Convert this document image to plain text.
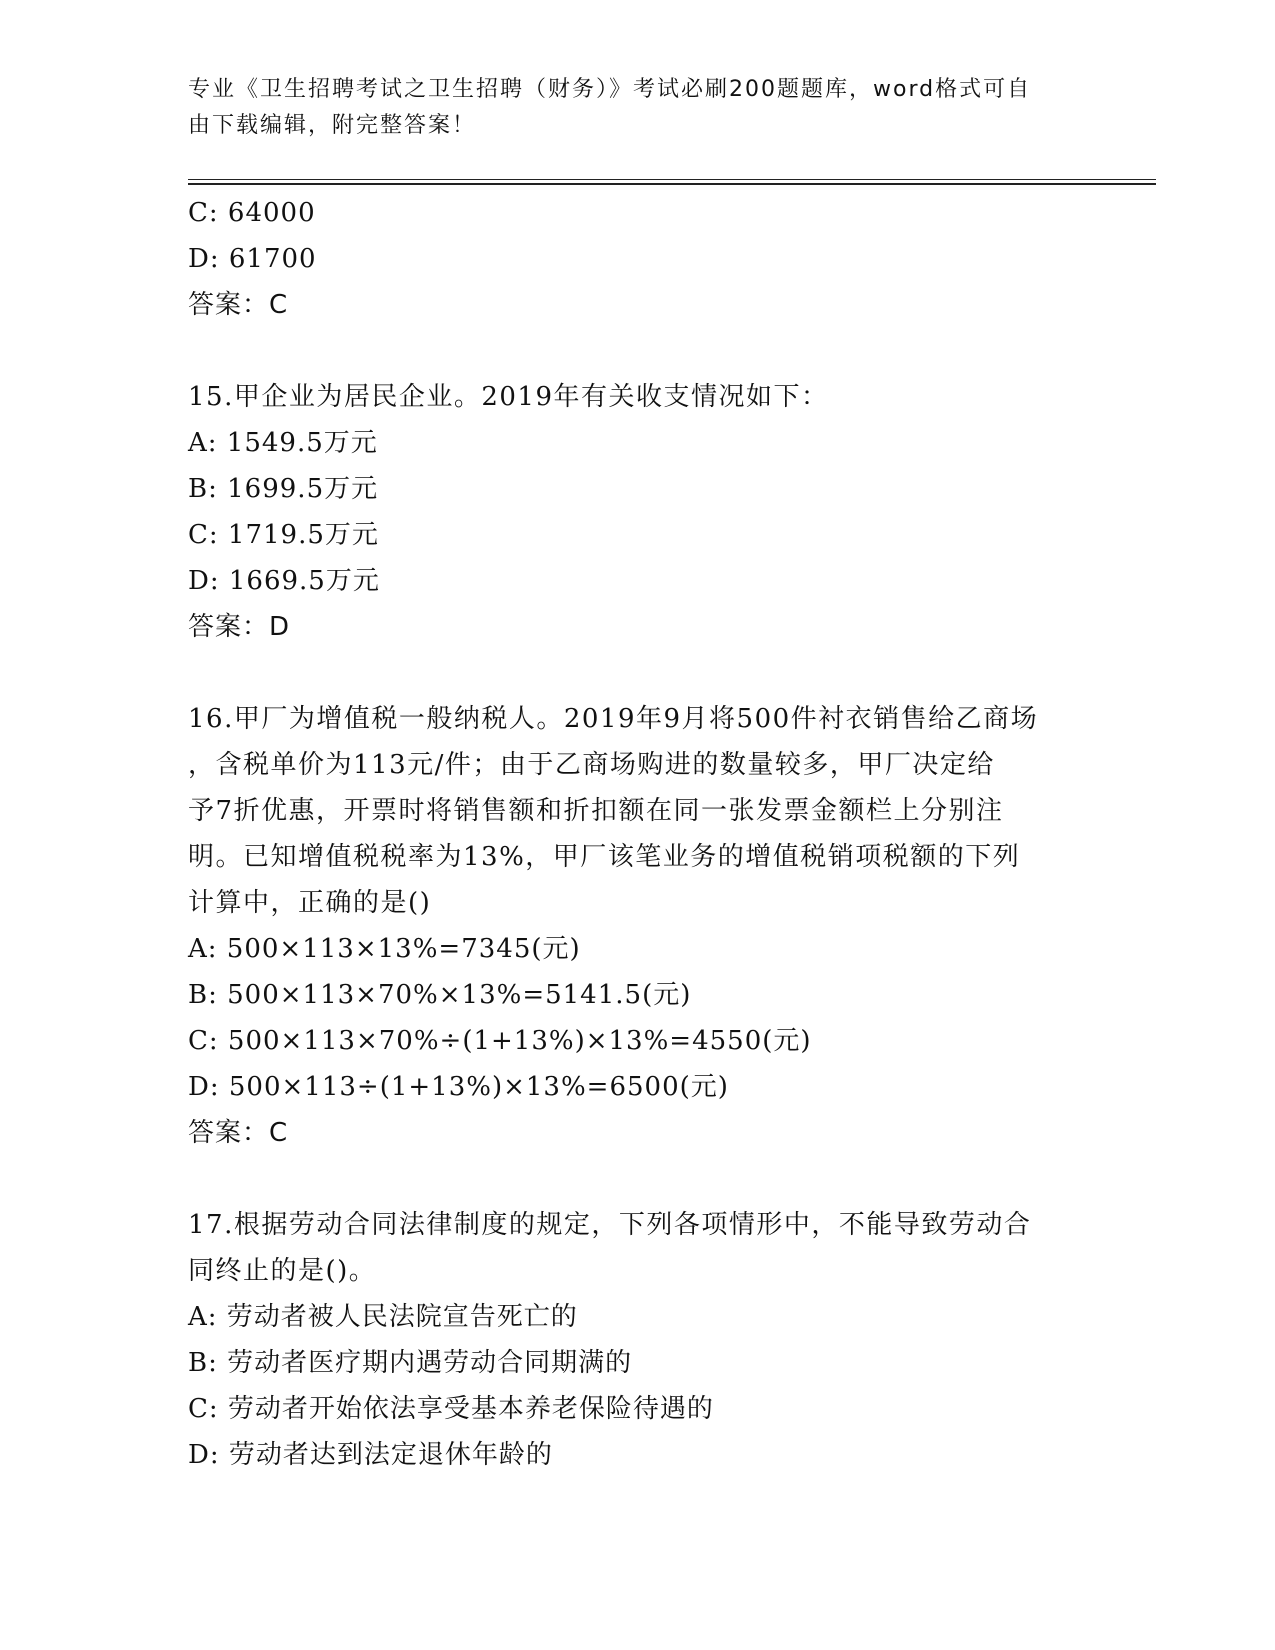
专业《卫生招聘考试之卫生招聘（财务）》考试必刷200题题库，word格式可自
由下载编辑，附完整答案！
C: 64000
D: 61700
答案：C
15.甲企业为居民企业。2019年有关收支情况如下：
A: 1549.5万元
B: 1699.5万元
C: 1719.5万元
D: 1669.5万元
答案：D
16.甲厂为增值税一般纳税人。2019年9月将500件衬衣销售给乙商场
，含税单价为113元/件；由于乙商场购进的数量较多，甲厂决定给
予7折优惠，开票时将销售额和折扣额在同一张发票金额栏上分别注
明。已知增值税税率为13%，甲厂该笔业务的增值税销项税额的下列
计算中，正确的是()
A: 500×113×13%=7345(元)
B: 500×113×70%×13%=5141.5(元)
C: 500×113×70%÷(1+13%)×13%=4550(元)
D: 500×113÷(1+13%)×13%=6500(元)
答案：C
17.根据劳动合同法律制度的规定，下列各项情形中，不能导致劳动合
同终止的是()。
A: 劳动者被人民法院宣告死亡的
B: 劳动者医疗期内遇劳动合同期满的
C: 劳动者开始依法享受基本养老保险待遇的
D: 劳动者达到法定退休年龄的
